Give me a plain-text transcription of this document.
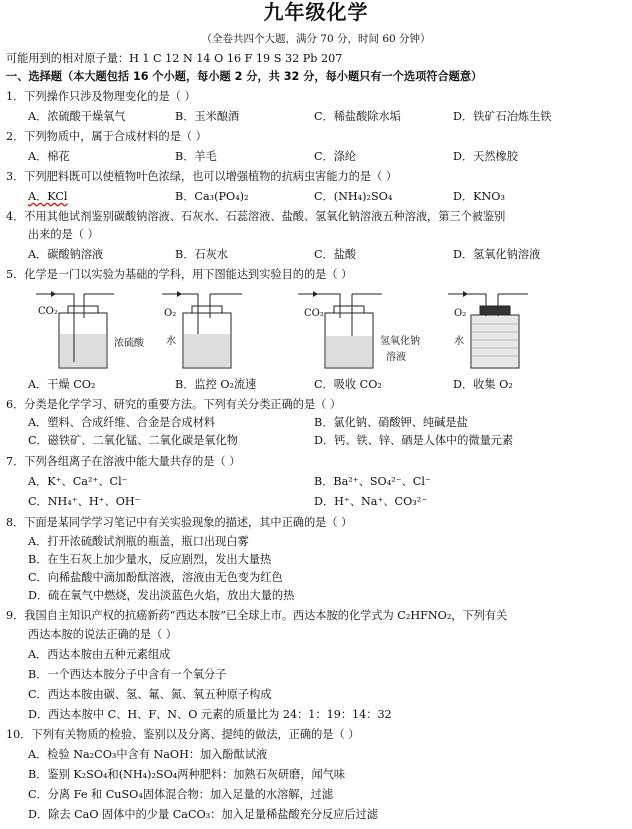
九年级化学
（全卷共四个大题，满分 70 分，时间 60 分钟）
可能用到的相对原子量：H 1 C 12 N 14 O 16 F 19 S 32 Pb 207
一、选择题（本大题包括 16 个小题，每小题 2 分，共 32 分，每小题只有一个选项符合题意）
1．下列操作只涉及物理变化的是（ ）
A．浓硫酸干燥氧气	B．玉米酿酒	C．稀盐酸除水垢	D．铁矿石冶炼生铁
2．下列物质中，属于合成材料的是（ ）
A．棉花	B．羊毛	C．涤纶	D．天然橡胶
3．下列肥料既可以使植物叶色浓绿，也可以增强植物的抗病虫害能力的是（ ）
A．KCl	B．Ca₃(PO₄)₂	C．(NH₄)₂SO₄	D．KNO₃
4．不用其他试剂鉴别碳酸钠溶液、石灰水、石蕊溶液、盐酸、氢氧化钠溶液五种溶液，第三个被鉴别
出来的是（ ）
A．碳酸钠溶液	B．石灰水	C．盐酸	D．氢氧化钠溶液
5．化学是一门以实验为基础的学科，用下图能达到实验目的的是（ ）
CO₂
浓硫酸
O₂
水
CO₂
氢氧化钠
溶液
O₂
水
A．干燥 CO₂	B．监控 O₂流速	C．吸收 CO₂	D．收集 O₂
6．分类是化学学习、研究的重要方法。下列有关分类正确的是（ ）
A．塑料、合成纤维、合金是合成材料	B．氯化钠、硝酸钾、纯碱是盐
C．磁铁矿、二氧化锰、二氧化碳是氧化物	D．钙、铁、锌、硒是人体中的微量元素
7．下列各组离子在溶液中能大量共存的是（ ）
A．K⁺、Ca²⁺、Cl⁻	B．Ba²⁺、SO₄²⁻、Cl⁻
C．NH₄⁺、H⁺、OH⁻	D．H⁺、Na⁺、CO₃²⁻
8．下面是某同学学习笔记中有关实验现象的描述，其中正确的是（ ）
A．打开浓硫酸试剂瓶的瓶盖，瓶口出现白雾
B．在生石灰上加少量水，反应剧烈，发出大量热
C．向稀盐酸中滴加酚酞溶液，溶液由无色变为红色
D．硫在氧气中燃烧，发出淡蓝色火焰，放出大量的热
9．我国自主知识产权的抗癌新药“西达本胺”已全球上市。西达本胺的化学式为 C₂HFNO₂，下列有关
西达本胺的说法正确的是（ ）
A．西达本胺由五种元素组成
B．一个西达本胺分子中含有一个氧分子
C．西达本胺由碳、氢、氟、氮、氧五种原子构成
D．西达本胺中 C、H、F、N、O 元素的质量比为 24：1：19：14：32
10．下列有关物质的检验、鉴别以及分离、提纯的做法，正确的是（ ）
A．检验 Na₂CO₃中含有 NaOH：加入酚酞试液
B．鉴别 K₂SO₄和(NH₄)₂SO₄两种肥料：加熟石灰研磨，闻气味
C．分离 Fe 和 CuSO₄固体混合物：加入足量的水溶解，过滤
D．除去 CaO 固体中的少量 CaCO₃：加入足量稀盐酸充分反应后过滤
